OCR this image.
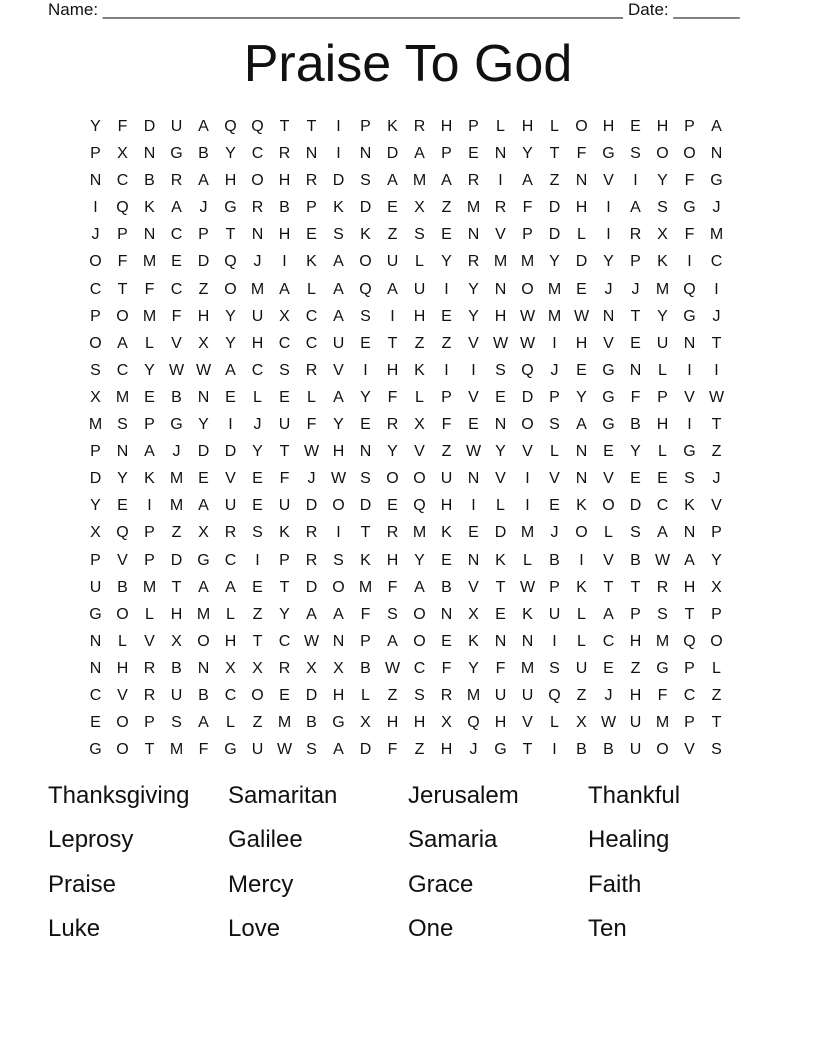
Name: _______________________________________________________ Date: _______
Praise To God
Y	F	D U A Q Q T	T	I	P	K R H P	L	H	L	O H E H P	A
P	X N G B	Y C R N	I	N D A	P	E N Y	T	F G S O O N
N C B R A H O H R D S	A M A R	I	A	Z	N V	I	Y	F G
I	Q K	A	J	G R B	P	K D E	X	Z M R	F	D H	I	A	S G	J
J	P N C P	T	N H E	S	K	Z	S	E N V	P D	L	I	R X	F M
O F M E D Q	J	I	K	A O U	L	Y R M M Y D Y	P	K	I	C
C	T	F	C	Z O M A	L	A Q A U	I	Y N O M E	J	J	M Q	I
P O M F	H Y U X C A	S	I	H E	Y H W M W N	T	Y G	J
O A	L	V	X	Y H C C U E	T	Z	Z	V W W	I	H V	E U N	T
S C Y W W A C S R V	I	H K	I	I	S Q	J	E G N	L	I	I
X M E	B N E	L	E	L	A	Y	F	L	P	V	E D P	Y G F	P	V W
M S	P G Y	I	J	U	F	Y	E R X	F	E N O S	A G B H	I	T
P N A	J	D D Y	T W H N Y	V	Z W Y	V	L	N E	Y	L	G Z
D Y	K M E	V	E	F	J W S O O U N V	I	V N V	E	E	S	J
Y	E	I	M A U E U D O D E Q H	I	L	I	E	K O D C K	V
X Q P	Z	X R S	K R	I	T	R M K	E D M	J	O	L	S	A N P
P	V	P D G C	I	P R S	K H Y	E N K	L	B	I	V	B W A	Y
U B M T	A	A	E	T	D O M F	A	B	V	T W P	K	T	T	R H X
G O	L	H M L	Z	Y	A	A	F	S O N X	E	K U	L	A	P	S	T	P
N	L	V	X O H	T	C W N P	A O E	K N N	I	L	C H M Q O
N H R B N X	X R X	X	B W C	F	Y	F M S U E	Z G P	L
C V R U B C O E D H	L	Z	S R M U U Q Z	J	H	F	C	Z
E O P	S	A	L	Z M B G X H H X Q H V	L	X W U M P	T
G O T M F G U W S	A D	F	Z	H	J	G T	I	B	B U O V	S
Thanksgiving	Samaritan	Jerusalem	Thankful
Leprosy	Galilee	Samaria	Healing
Praise	Mercy	Grace	Faith
Luke	Love	One	Ten
